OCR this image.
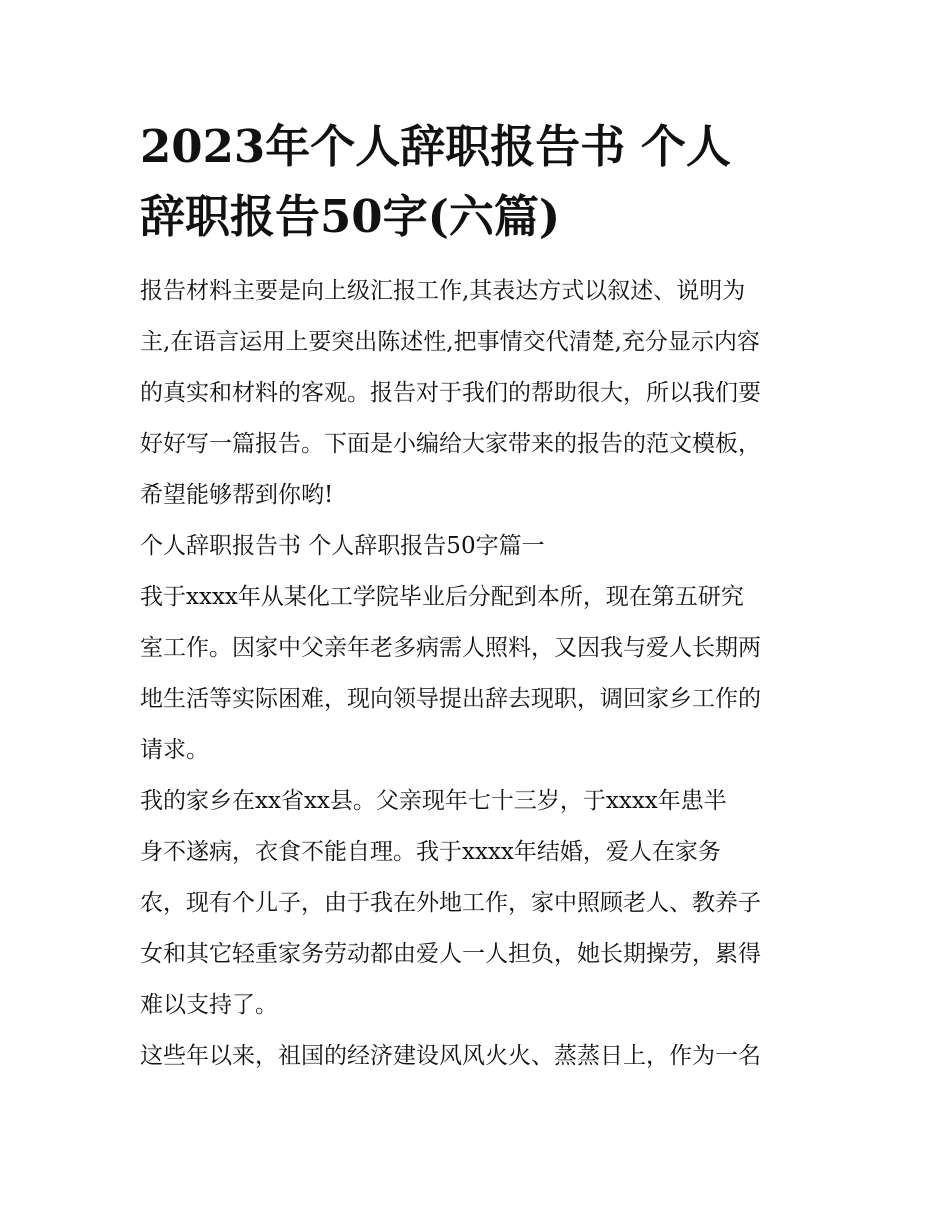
2023年个人辞职报告书 个人
辞职报告50字(六篇)

报告材料主要是向上级汇报工作,其表达方式以叙述、说明为
主,在语言运用上要突出陈述性,把事情交代清楚,充分显示内容
的真实和材料的客观。报告对于我们的帮助很大，所以我们要
好好写一篇报告。下面是小编给大家带来的报告的范文模板，
希望能够帮到你哟!

个人辞职报告书 个人辞职报告50字篇一

我于xxxx年从某化工学院毕业后分配到本所，现在第五研究
室工作。因家中父亲年老多病需人照料，又因我与爱人长期两
地生活等实际困难，现向领导提出辞去现职，调回家乡工作的
请求。

我的家乡在xx省xx县。父亲现年七十三岁，于xxxx年患半
身不遂病，衣食不能自理。我于xxxx年结婚，爱人在家务
农，现有个儿子，由于我在外地工作，家中照顾老人、教养子
女和其它轻重家务劳动都由爱人一人担负，她长期操劳，累得
难以支持了。

这些年以来，祖国的经济建设风风火火、蒸蒸日上，作为一名
